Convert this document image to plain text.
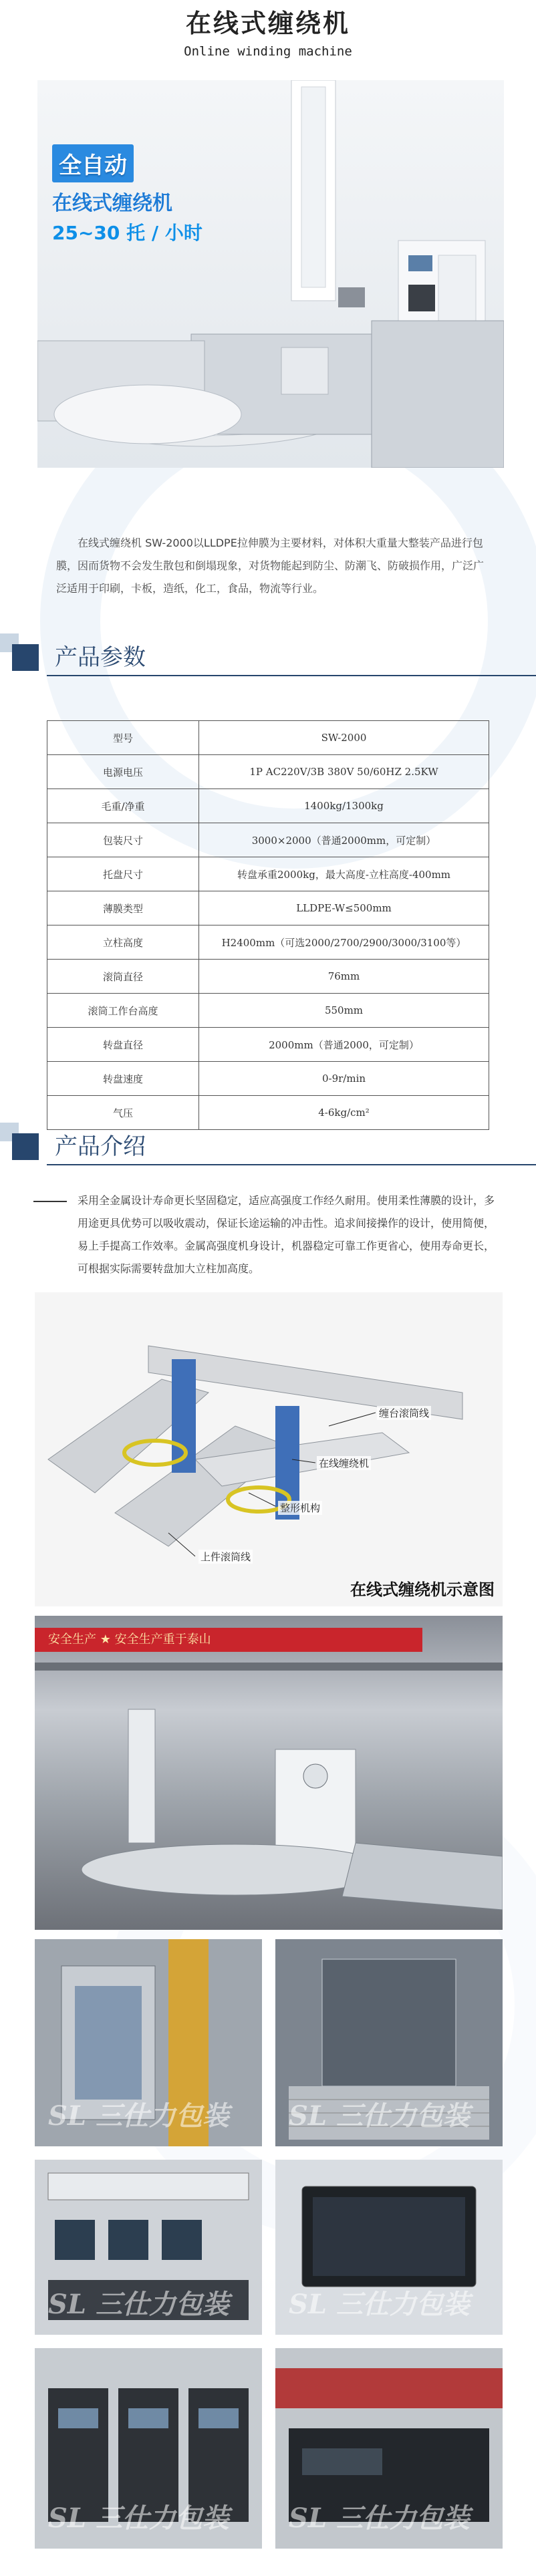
在线式缠绕机
Online winding machine
全自动
在线式缠绕机
25~30 托 / 小时
在线式缠绕机 SW-2000以LLDPE拉伸膜为主要材料，对体积大重量大整装产品进行包膜，因而货物不会发生散包和倒塌现象，对货物能起到防尘、防潮飞、防破损作用，广泛广泛适用于印刷，卡板，造纸，化工，食品，物流等行业。
产品参数
型号	SW-2000
电源电压	1P AC220V/3B 380V 50/60HZ 2.5KW
毛重/净重	1400kg/1300kg
包装尺寸	3000×2000（普通2000mm，可定制）
托盘尺寸	转盘承重2000kg，最大高度-立柱高度-400mm
薄膜类型	LLDPE-W≤500mm
立柱高度	H2400mm（可选2000/2700/2900/3000/3100等）
滚筒直径	76mm
滚筒工作台高度	550mm
转盘直径	2000mm（普通2000，可定制）
转盘速度	0-9r/min
气压	4-6kg/cm²
产品介绍
采用全金属设计寿命更长坚固稳定，适应高强度工作经久耐用。使用柔性薄膜的设计，多用途更具优势可以吸收震动，保证长途运输的冲击性。追求间接操作的设计，使用简便，易上手提高工作效率。金属高强度机身设计，机器稳定可靠工作更省心，使用寿命更长，可根据实际需要转盘加大立柱加高度。
缠台滚筒线
在线缠绕机
整形机构
上件滚筒线
在线式缠绕机示意图
安全生产 ★ 安全生产重于泰山
SL 三仕力包装	SL 三仕力包装
SL 三仕力包装	SL 三仕力包装
SL 三仕力包装	SL 三仕力包装
